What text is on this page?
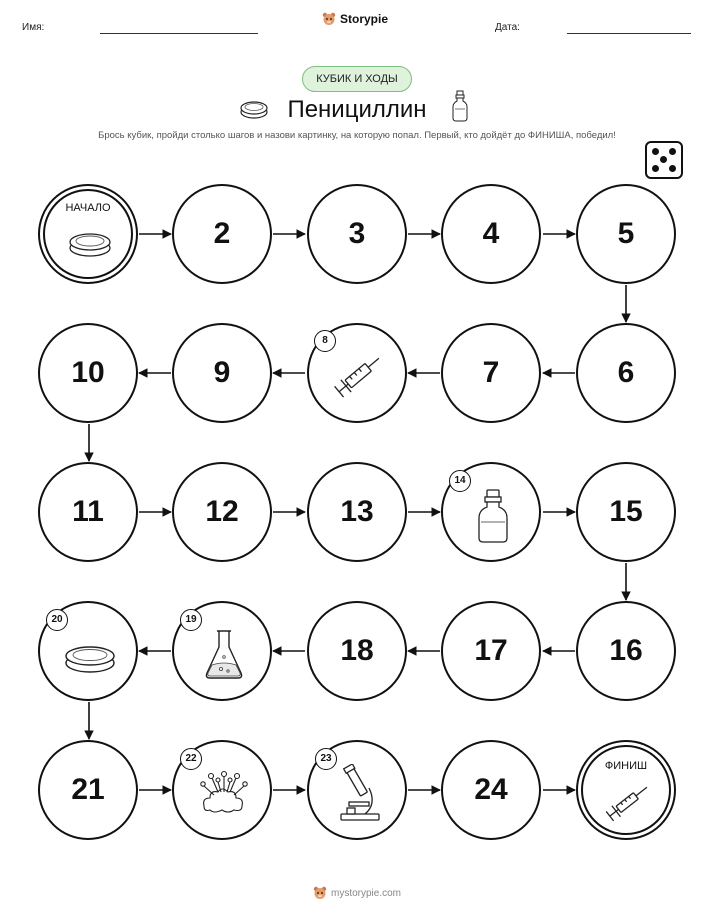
Имя:	Дата:
Storypie
КУБИК И ХОДЫ
Пенициллин
Брось кубик, пройди столько шагов и назови картинку, на которую попал. Первый, кто дойдёт до ФИНИША, победил!
НАЧАЛО
2	3	4	5
6
7
8
9
10
11	12	13
14
15
16
17
18
19
20
21
22	23
24
ФИНИШ
mystorypie.com
